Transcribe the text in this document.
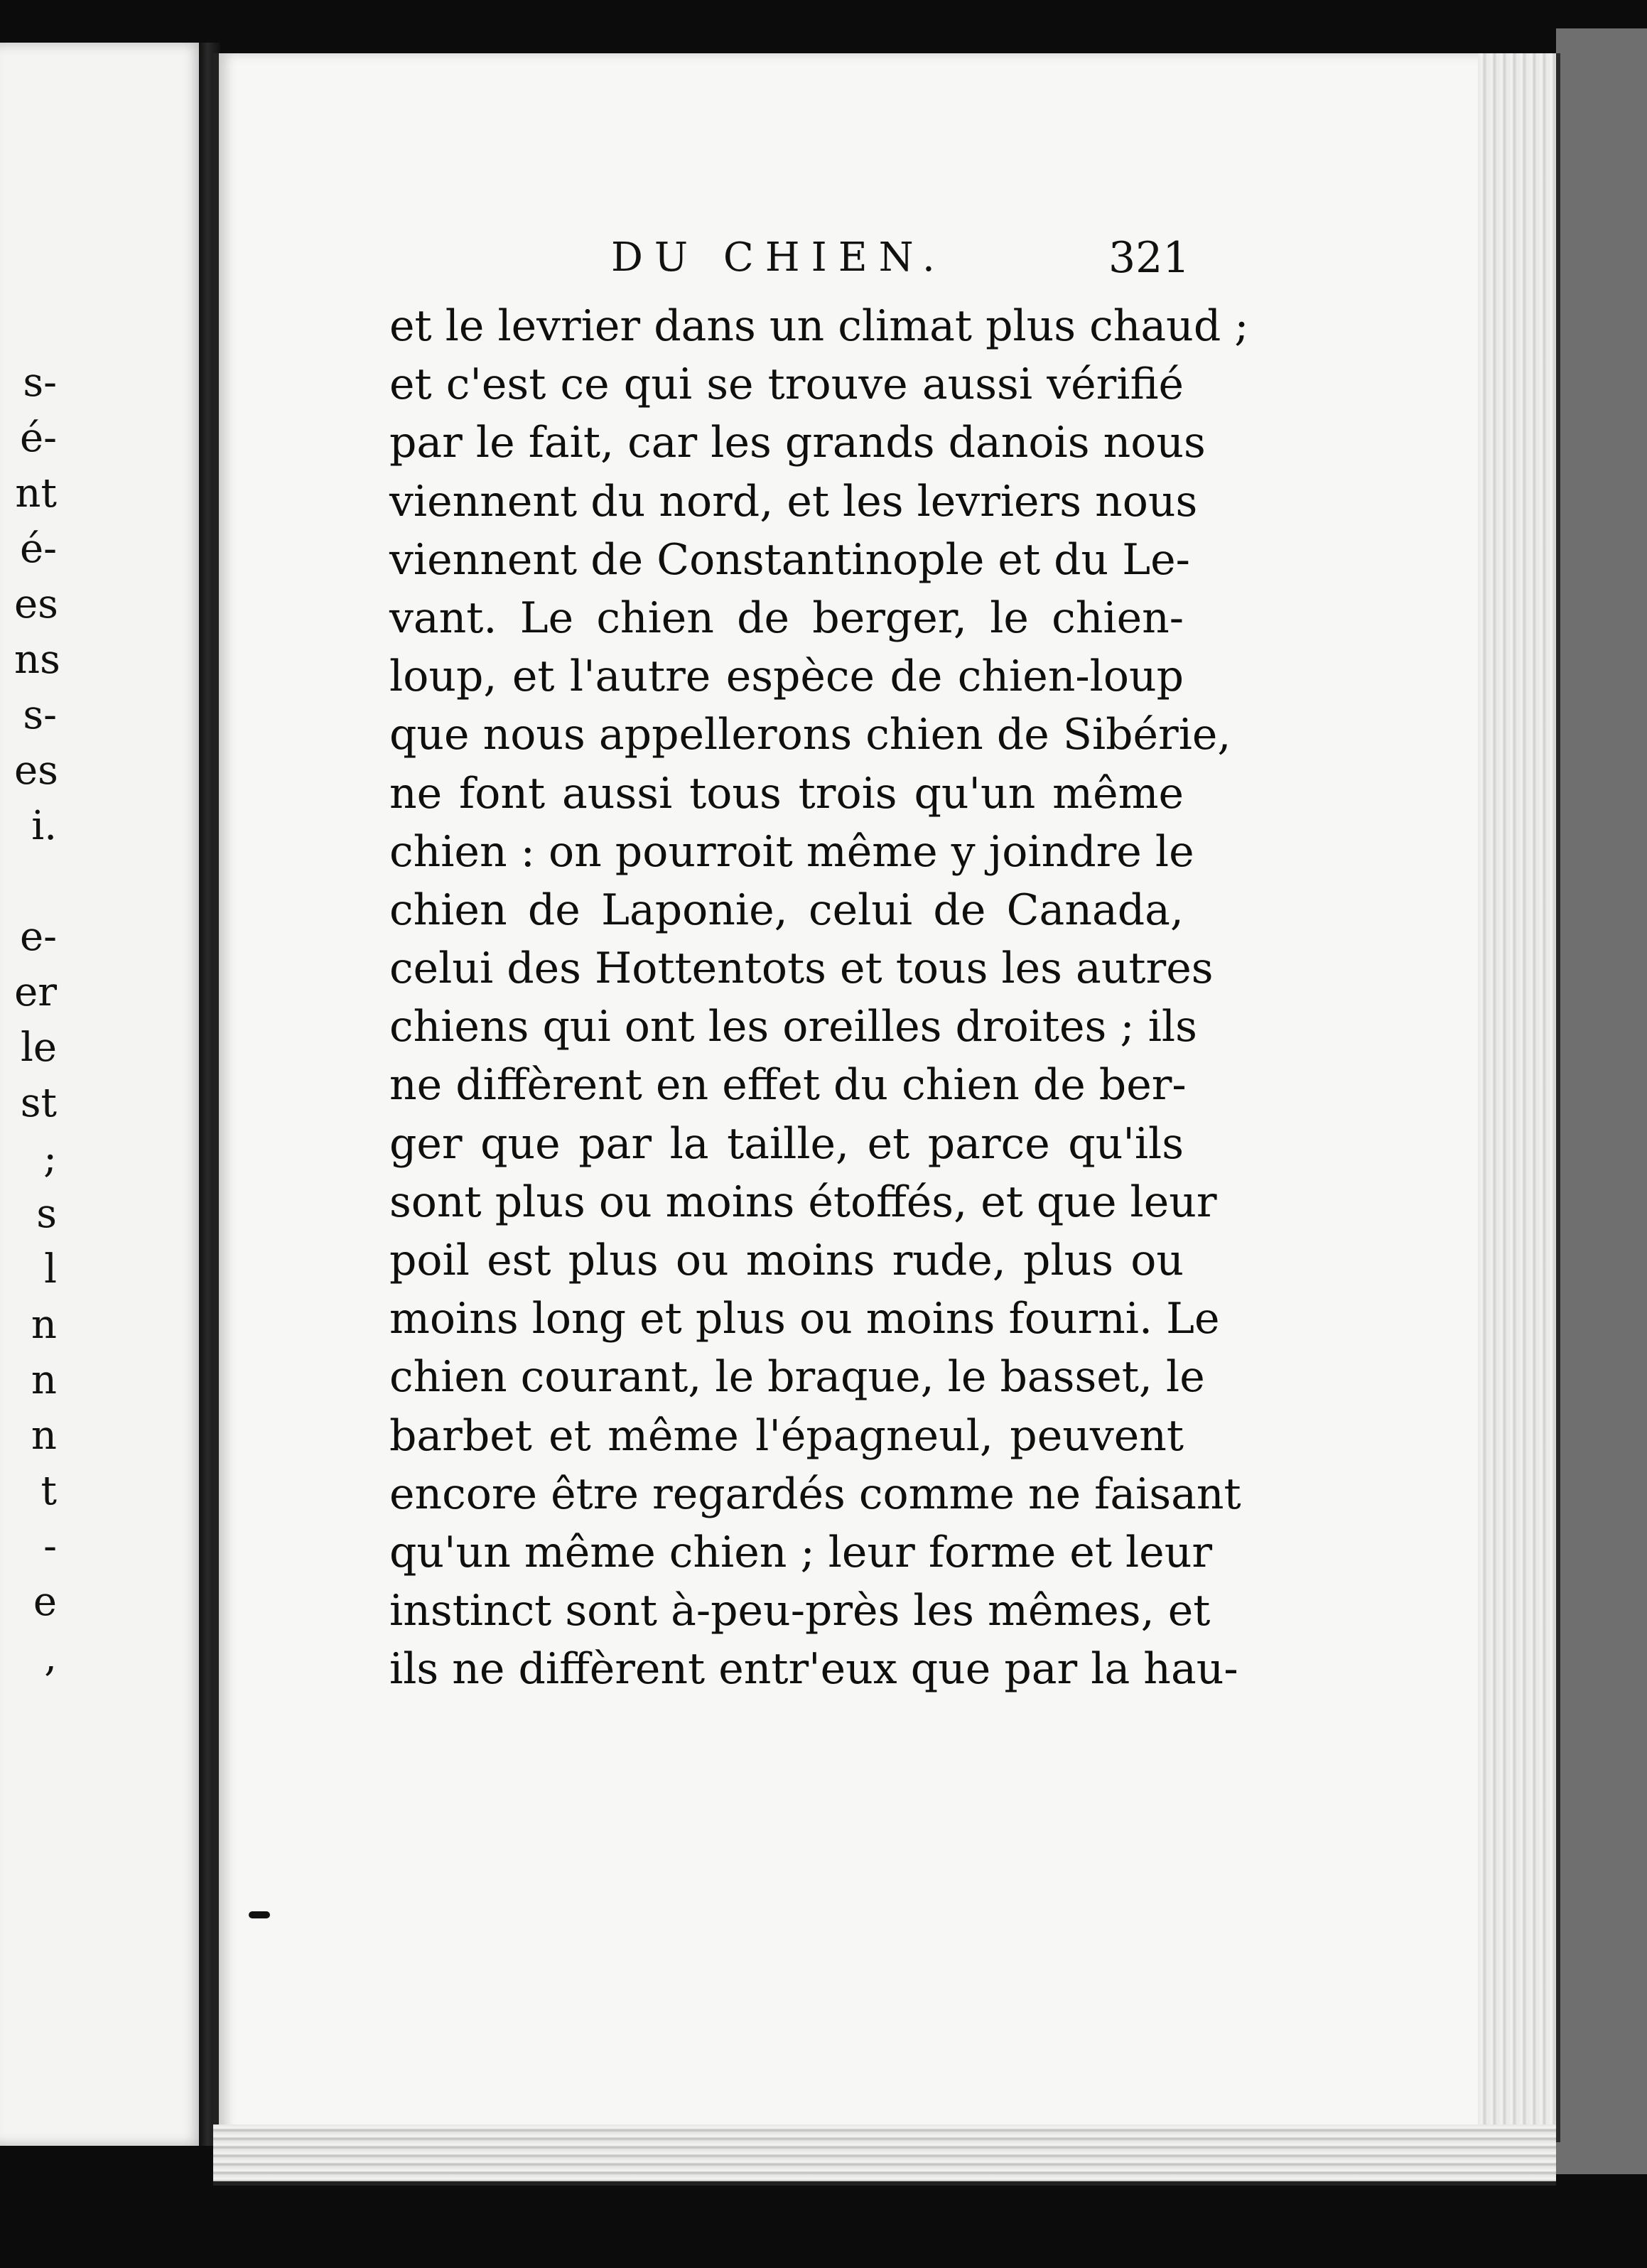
s-
é-
nt
é-
es
ns
s-
es
i.
e-
er
le
st
;
s
l
n
n
n
t
-
e
,
DU CHIEN.	321
et le levrier dans un climat plus chaud ;
et c'est ce qui se trouve aussi vérifié
par le fait, car les grands danois nous
viennent du nord, et les levriers nous
viennent de Constantinople et du Le-
vant. Le chien de berger, le chien-
loup, et l'autre espèce de chien-loup
que nous appellerons chien de Sibérie,
ne font aussi tous trois qu'un même
chien : on pourroit même y joindre le
chien de Laponie, celui de Canada,
celui des Hottentots et tous les autres
chiens qui ont les oreilles droites ; ils
ne diffèrent en effet du chien de ber-
ger que par la taille, et parce qu'ils
sont plus ou moins étoffés, et que leur
poil est plus ou moins rude, plus ou
moins long et plus ou moins fourni. Le
chien courant, le braque, le basset, le
barbet et même l'épagneul, peuvent
encore être regardés comme ne faisant
qu'un même chien ; leur forme et leur
instinct sont à-peu-près les mêmes, et
ils ne diffèrent entr'eux que par la hau-
